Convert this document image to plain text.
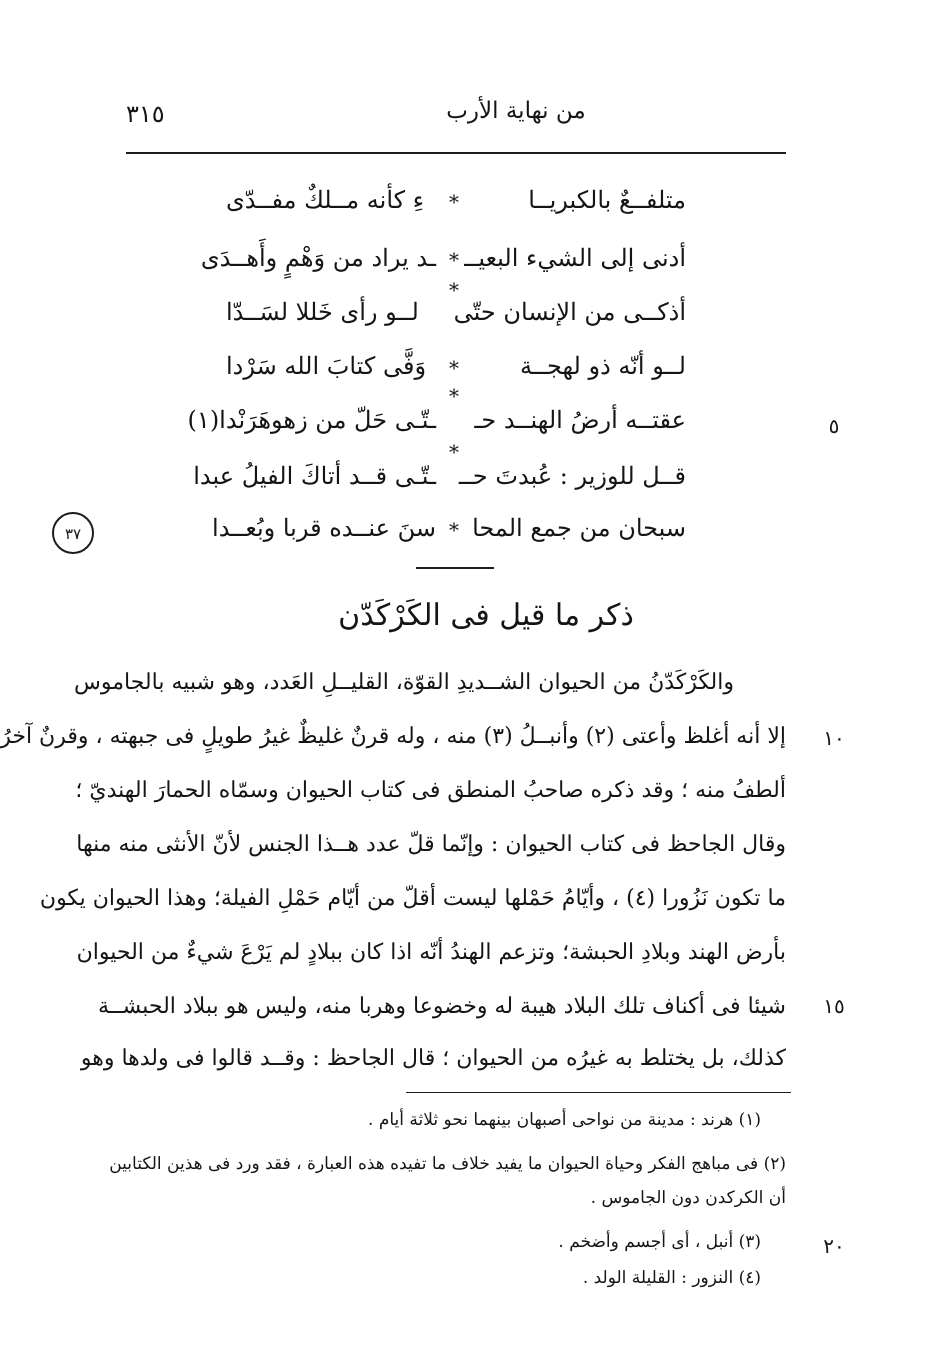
من نهاية الأرب
٣١٥
٣٧
متلفــعٌ بالكبريــا
*
ءِ كأنه مــلكٌ مفــدّى
أدنى إلى الشيء البعيــ
*
ـد يراد من وَهْمٍ وأَهــدَى
أذكــى من الإنسان حتّى
*
لــو رأى خَللا لسَــدّا
لــو أنّه ذو لهجــة
*
وَفَّى كتابَ الله سَرْدا
عقتــه أرضُ الهنــد حـ
*
ـتّـى حَلّ من زهوهَرَنْدا(١)
قــل للوزير : عُبدتَ حــ
*
ـتّـى قــد أتاكَ الفيلُ عبدا
سبحان من جمع المحا
*
سنَ عنــده قربا وبُعــدا
ذكر ما قيل فى الكَرْكَدّن
والكَرْكَدّنُ من الحيوان الشــديدِ القوّة، القليــلِ العَدد، وهو شبيه بالجاموس
إلا أنه أغلظ وأعتى (٢) وأنبــلُ (٣) منه ، وله قرنٌ غليظٌ غيرُ طويلٍ فى جبهته ، وقرنٌ آخرُ
ألطفُ منه ؛ وقد ذكره صاحبُ المنطق فى كتاب الحيوان وسمّاه الحمارَ الهنديّ ؛
وقال الجاحظ فى كتاب الحيوان : وإنّما قلّ عدد هــذا الجنس لأنّ الأنثى منه منها
ما تكون نَزُورا (٤) ، وأيّامُ حَمْلها ليست أقلّ من أيّام حَمْلِ الفيلة؛ وهذا الحيوان يكون
بأرض الهند وبلادِ الحبشة؛ وتزعم الهندُ أنّه اذا كان ببلادٍ لم يَرْعَ شيءٌ من الحيوان
شيئا فى أكناف تلك البلاد هيبة له وخضوعا وهربا منه، وليس هو ببلاد الحبشــة
كذلك، بل يختلط به غيرُه من الحيوان ؛ قال الجاحظ : وقــد قالوا فى ولدها وهو
(١) هرند : مدينة من نواحى أصبهان بينهما نحو ثلاثة أيام .
(٢) فى مباهج الفكر وحياة الحيوان ما يفيد خلاف ما تفيده هذه العبارة ، فقد ورد فى هذين الكتابين
أن الكركدن دون الجاموس .
(٣) أنبل ، أى أجسم وأضخم .
(٤) النزور : القليلة الولد .
٥
١٠
١٥
٢٠
